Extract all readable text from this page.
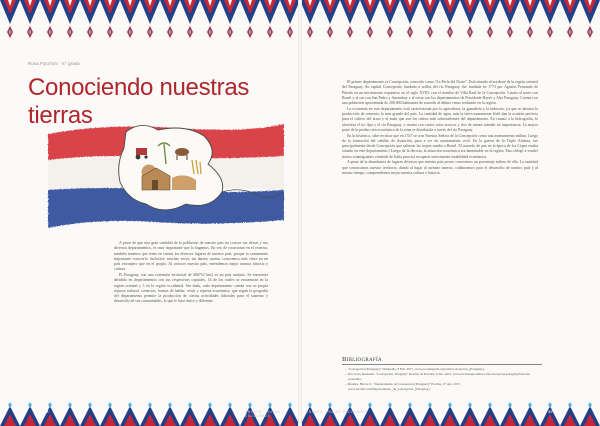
Rosa Facchini · 6° grado
Conociendo nuestras tierras

A pesar de que una gran cantidad de la población de nuestro país no conoce sus tierras y sus diversos departamentos, es muy importante que lo hagamos. En vez de vacacionar en el exterior, también tenemos que tener en cuenta los diversos lugares de nuestro país, porque es sumamente importante conocerlo. Inclusive, muchas veces, sin darnos cuenta, conocemos más sitios en un país extranjero que en el propio. Al conocer nuestro país, entendemos mejor nuestra historia y cultura.

El Paraguay, con una extensión territorial de 406752 km2 es un país unitario. Se encuentra dividido en departamentos con sus respectivas capitales, 14 de los cuales se encuentran en la región oriental y 3 en la región occidental. Sin duda, cada departamento cuenta con su propia riqueza cultural, creencias, formas de hablar, vestir y riqueza económica, que según la geografía del departamento permite la producción de ciertas actividades laborales para el sustento y desarrollo de sus comunidades, lo que le hace único y diferente.

48	ENSAYO · RUTAS ESCOLARES

El primer departamento es Concepción, conocido como “La Perla del Norte”. Está situado al nordeste de la región oriental del Paraguay. Su capital Concepción, fundada a orillas del río Paraguay, fue fundada en 1773 por Agustín Fernando de Pinedo en un movimiento expansivo en el siglo XVIII, con el nombre de Villa Real de la Concepción. Limita al norte con Brasil y al sur con San Pedro y Amambay y al oeste con los departamentos de Presidente Hayes y Alto Paraguay. Cuenta con una población aproximada de 200.000 habitantes de acuerdo al último censo realizado en la región.

La economía en este departamento está caracterizada por la agricultura, la ganadería y la industria, ya que se destaca la producción de cemento, la más grande del país. La cantidad de agua, más la tierra sumamente fértil dan la ocasión perfecta para el cultivo del arroz y el maíz que son los rubros más sobresalientes del departamento. En cuanto a la hidrografía, lo atraviesa el río Apa y el río Paraguay, y cuenta con varios otros arroyos y ríos de menor tamaño no importancia. La mayor parte de la producción económica de la zona es distribuida a través del río Paraguay.

En lo histórico, cabe recalcar que en 1537 se crea Nuestra Señora de la Concepción como una asentamiento militar. Luego de la formación del cabildo de Asunción, pasa a ser un asentamiento civil. En la guerra de la Triple Alianza, fue principalmente desde Concepción que salieron las tropas rumbo a Brasil. El acuerdo de paz en la época de los López estaba situado en este departamento.) Luego de la derrota, la situación económica era lamentable en la región. Esto obligó a vender tierras a inmigrantes viniendo de Italia para así recuperar nuevamente estabilidad económica.

A pesar de la abundancia de lugares diversos que nuestro país posee, conocemos un porcentaje ínfimo de ella. La cantidad que conozcamos nuestro territorio, dando al lugar al turismo interno, colaboramos para el desarrollo de nuestro país y al mismo tiempo, comprendemos mejor nuestra cultura e historia.

Bibliografía
– “Concepción (Paraguay)” Wikipedia, 8 Feb. 2017, www.es.wikipedia.org/wiki/Concepción_(Paraguay).
– Vera Sosa, Reinaldo. “Concepción, Paraguay” Revista de Portales, 9 Jan. 2015, www.revistadeportales.com/concepcion-paraguay/historia-economia.
– Mereles, Héctor S. “Departamento de Concepción (Paraguay)” Escribe, 27 Apr. 2017, www.escribe.com/Departamento_de_Concepción_(Paraguay).
49
ENSAYO · RUTAS ESCOLARES
